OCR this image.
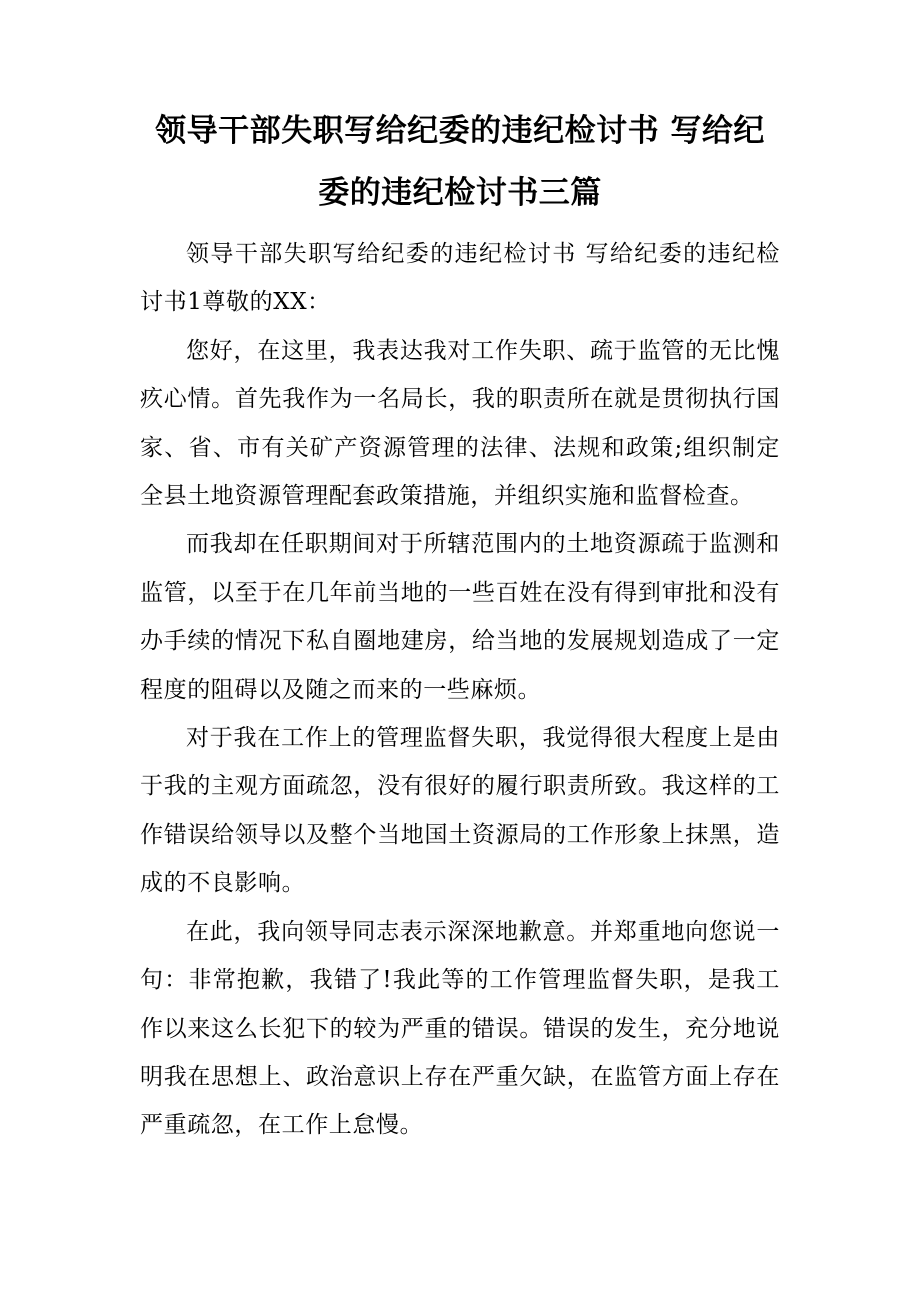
领导干部失职写给纪委的违纪检讨书 写给纪委的违纪检讨书三篇

领导干部失职写给纪委的违纪检讨书 写给纪委的违纪检讨书1尊敬的XX：

您好，在这里，我表达我对工作失职、疏于监管的无比愧疚心情。首先我作为一名局长，我的职责所在就是贯彻执行国家、省、市有关矿产资源管理的法律、法规和政策;组织制定全县土地资源管理配套政策措施，并组织实施和监督检查。

而我却在任职期间对于所辖范围内的土地资源疏于监测和监管，以至于在几年前当地的一些百姓在没有得到审批和没有办手续的情况下私自圈地建房，给当地的发展规划造成了一定程度的阻碍以及随之而来的一些麻烦。

对于我在工作上的管理监督失职，我觉得很大程度上是由于我的主观方面疏忽，没有很好的履行职责所致。我这样的工作错误给领导以及整个当地国土资源局的工作形象上抹黑，造成的不良影响。

在此，我向领导同志表示深深地歉意。并郑重地向您说一句：非常抱歉，我错了!我此等的工作管理监督失职，是我工作以来这么长犯下的较为严重的错误。错误的发生，充分地说明我在思想上、政治意识上存在严重欠缺，在监管方面上存在严重疏忽，在工作上怠慢。
